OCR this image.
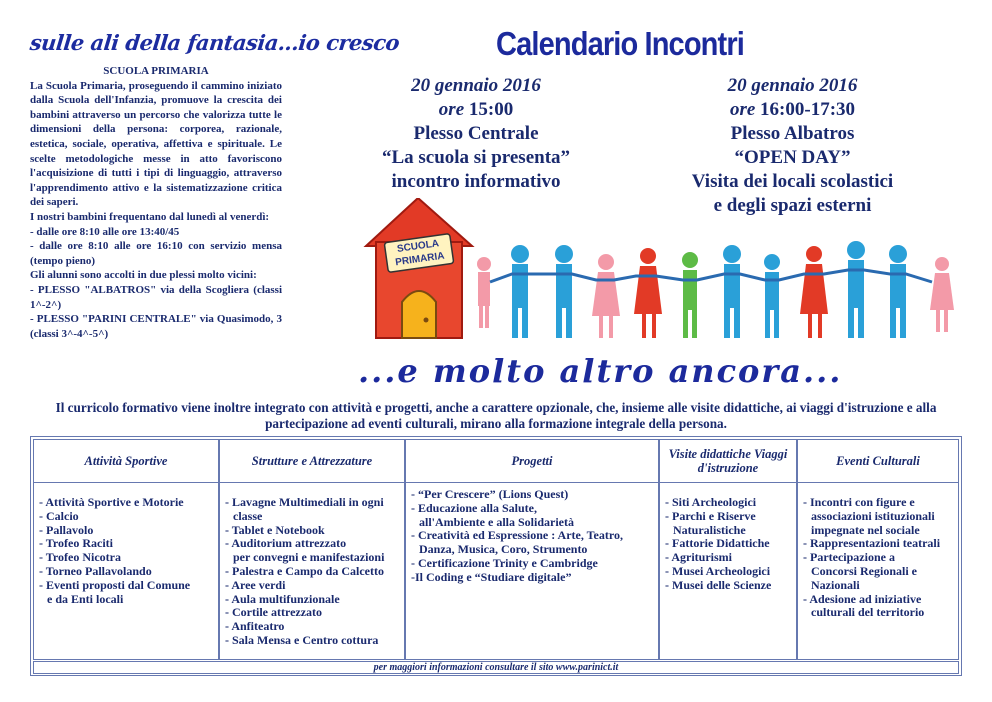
sulle ali della fantasia...io cresco
SCUOLA PRIMARIA

La Scuola Primaria, proseguendo il cammino iniziato dalla Scuola dell'Infanzia, promuove la crescita dei bambini attraverso un percorso che valorizza tutte le dimensioni della persona: corporea, razionale, estetica, sociale, operativa, affettiva e spirituale. Le scelte metodologiche messe in atto favoriscono l'acquisizione di tutti i tipi di linguaggio, attraverso l'apprendimento attivo e la sistematizzazione critica dei saperi.

I nostri bambini frequentano dal lunedì al venerdì:

- dalle ore 8:10 alle ore 13:40/45

- dalle ore 8:10 alle ore 16:10 con servizio mensa (tempo pieno)

Gli alunni sono accolti in due plessi molto vicini:

- PLESSO "ALBATROS" via della Scogliera (classi 1^-2^)

- PLESSO "PARINI CENTRALE" via Quasimodo, 3 (classi 3^-4^-5^)

Calendario Incontri
20 gennaio 2016
ore 15:00
Plesso Centrale
“La scuola si presenta”
incontro informativo
20 gennaio 2016
ore 16:00-17:30
Plesso Albatros
“OPEN DAY”
Visita dei locali scolastici
e degli spazi esterni
SCUOLA
PRIMARIA
...e molto altro ancora...
Il curricolo formativo viene inoltre integrato con attività e progetti, anche a carattere opzionale, che, insieme alle visite didattiche, ai viaggi d'istruzione e alla partecipazione ad eventi culturali, mirano alla formazione integrale della persona.
Attività Sportive
- Attività Sportive e Motorie
- Calcio
- Pallavolo
- Trofeo Raciti
- Trofeo Nicotra
- Torneo Pallavolando
- Eventi proposti dal Comune
e da Enti locali
Strutture e Attrezzature
- Lavagne Multimediali in ogni
classe
- Tablet e Notebook
- Auditorium attrezzato
per convegni e manifestazioni
- Palestra e Campo da Calcetto
- Aree verdi
- Aula multifunzionale
- Cortile attrezzato
- Anfiteatro
- Sala Mensa e Centro cottura
Progetti
- “Per Crescere” (Lions Quest)
- Educazione alla Salute,
all'Ambiente e alla Solidarietà
- Creatività ed Espressione : Arte, Teatro,
Danza, Musica, Coro, Strumento
- Certificazione Trinity e Cambridge
-Il Coding e “Studiare digitale”
Visite didattiche Viaggi d'istruzione
- Siti Archeologici
- Parchi e Riserve
Naturalistiche
- Fattorie Didattiche
- Agriturismi
- Musei Archeologici
- Musei delle Scienze
Eventi Culturali
- Incontri con figure e
associazioni istituzionali
impegnate nel sociale
- Rappresentazioni teatrali
- Partecipazione a
Concorsi Regionali e
Nazionali
- Adesione ad iniziative
culturali del territorio
per maggiori informazioni consultare il sito www.parinict.it
